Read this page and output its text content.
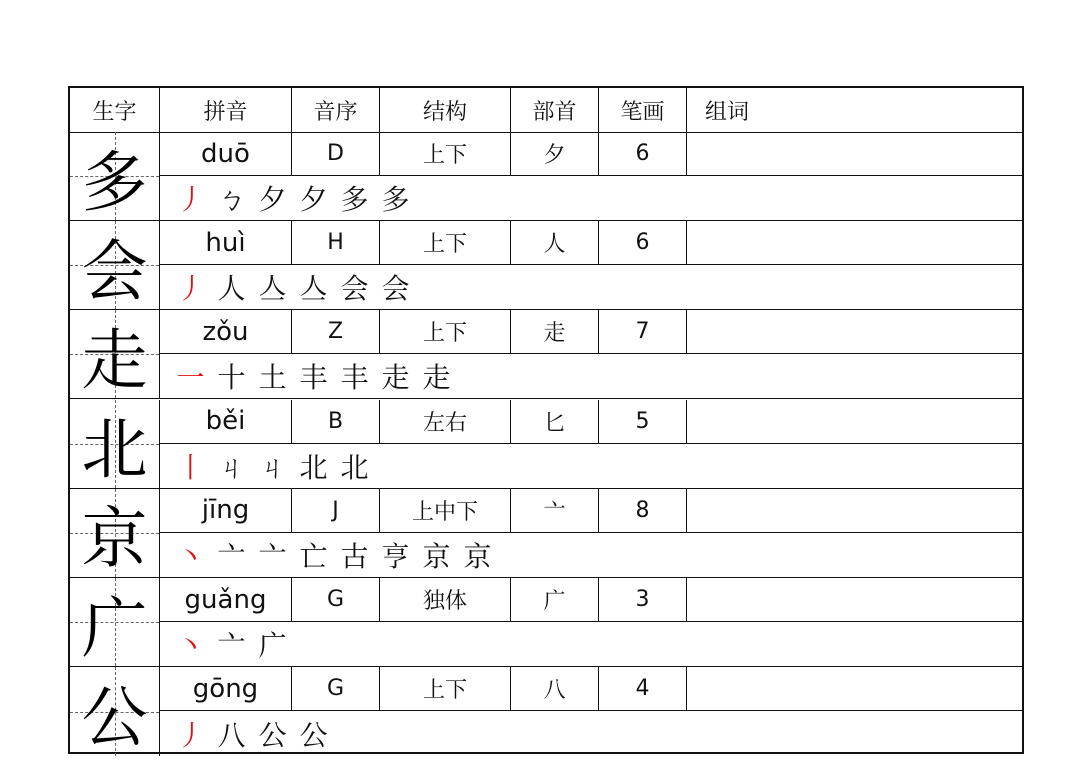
生字	拼音	音序	结构	部首	笔画	组词
多	duō	D	上下	夕	6
丿 ㄅ 夕 夕 多 多
会	huì	H	上下	人	6
丿 人 亼 亼 会 会
走	zǒu	Z	上下	走	7
一 十 土 丰 丰 走 走
北	běi	B	左右	匕	5
丨 ㄐ ㄐ 北 北
京	jīng	J	上中下	亠	8
丶 亠 亠 亡 古 亨 京 京
广	guǎng	G	独体	广	3
丶 亠 广
公	gōng	G	上下	八	4
丿 八 公 公
